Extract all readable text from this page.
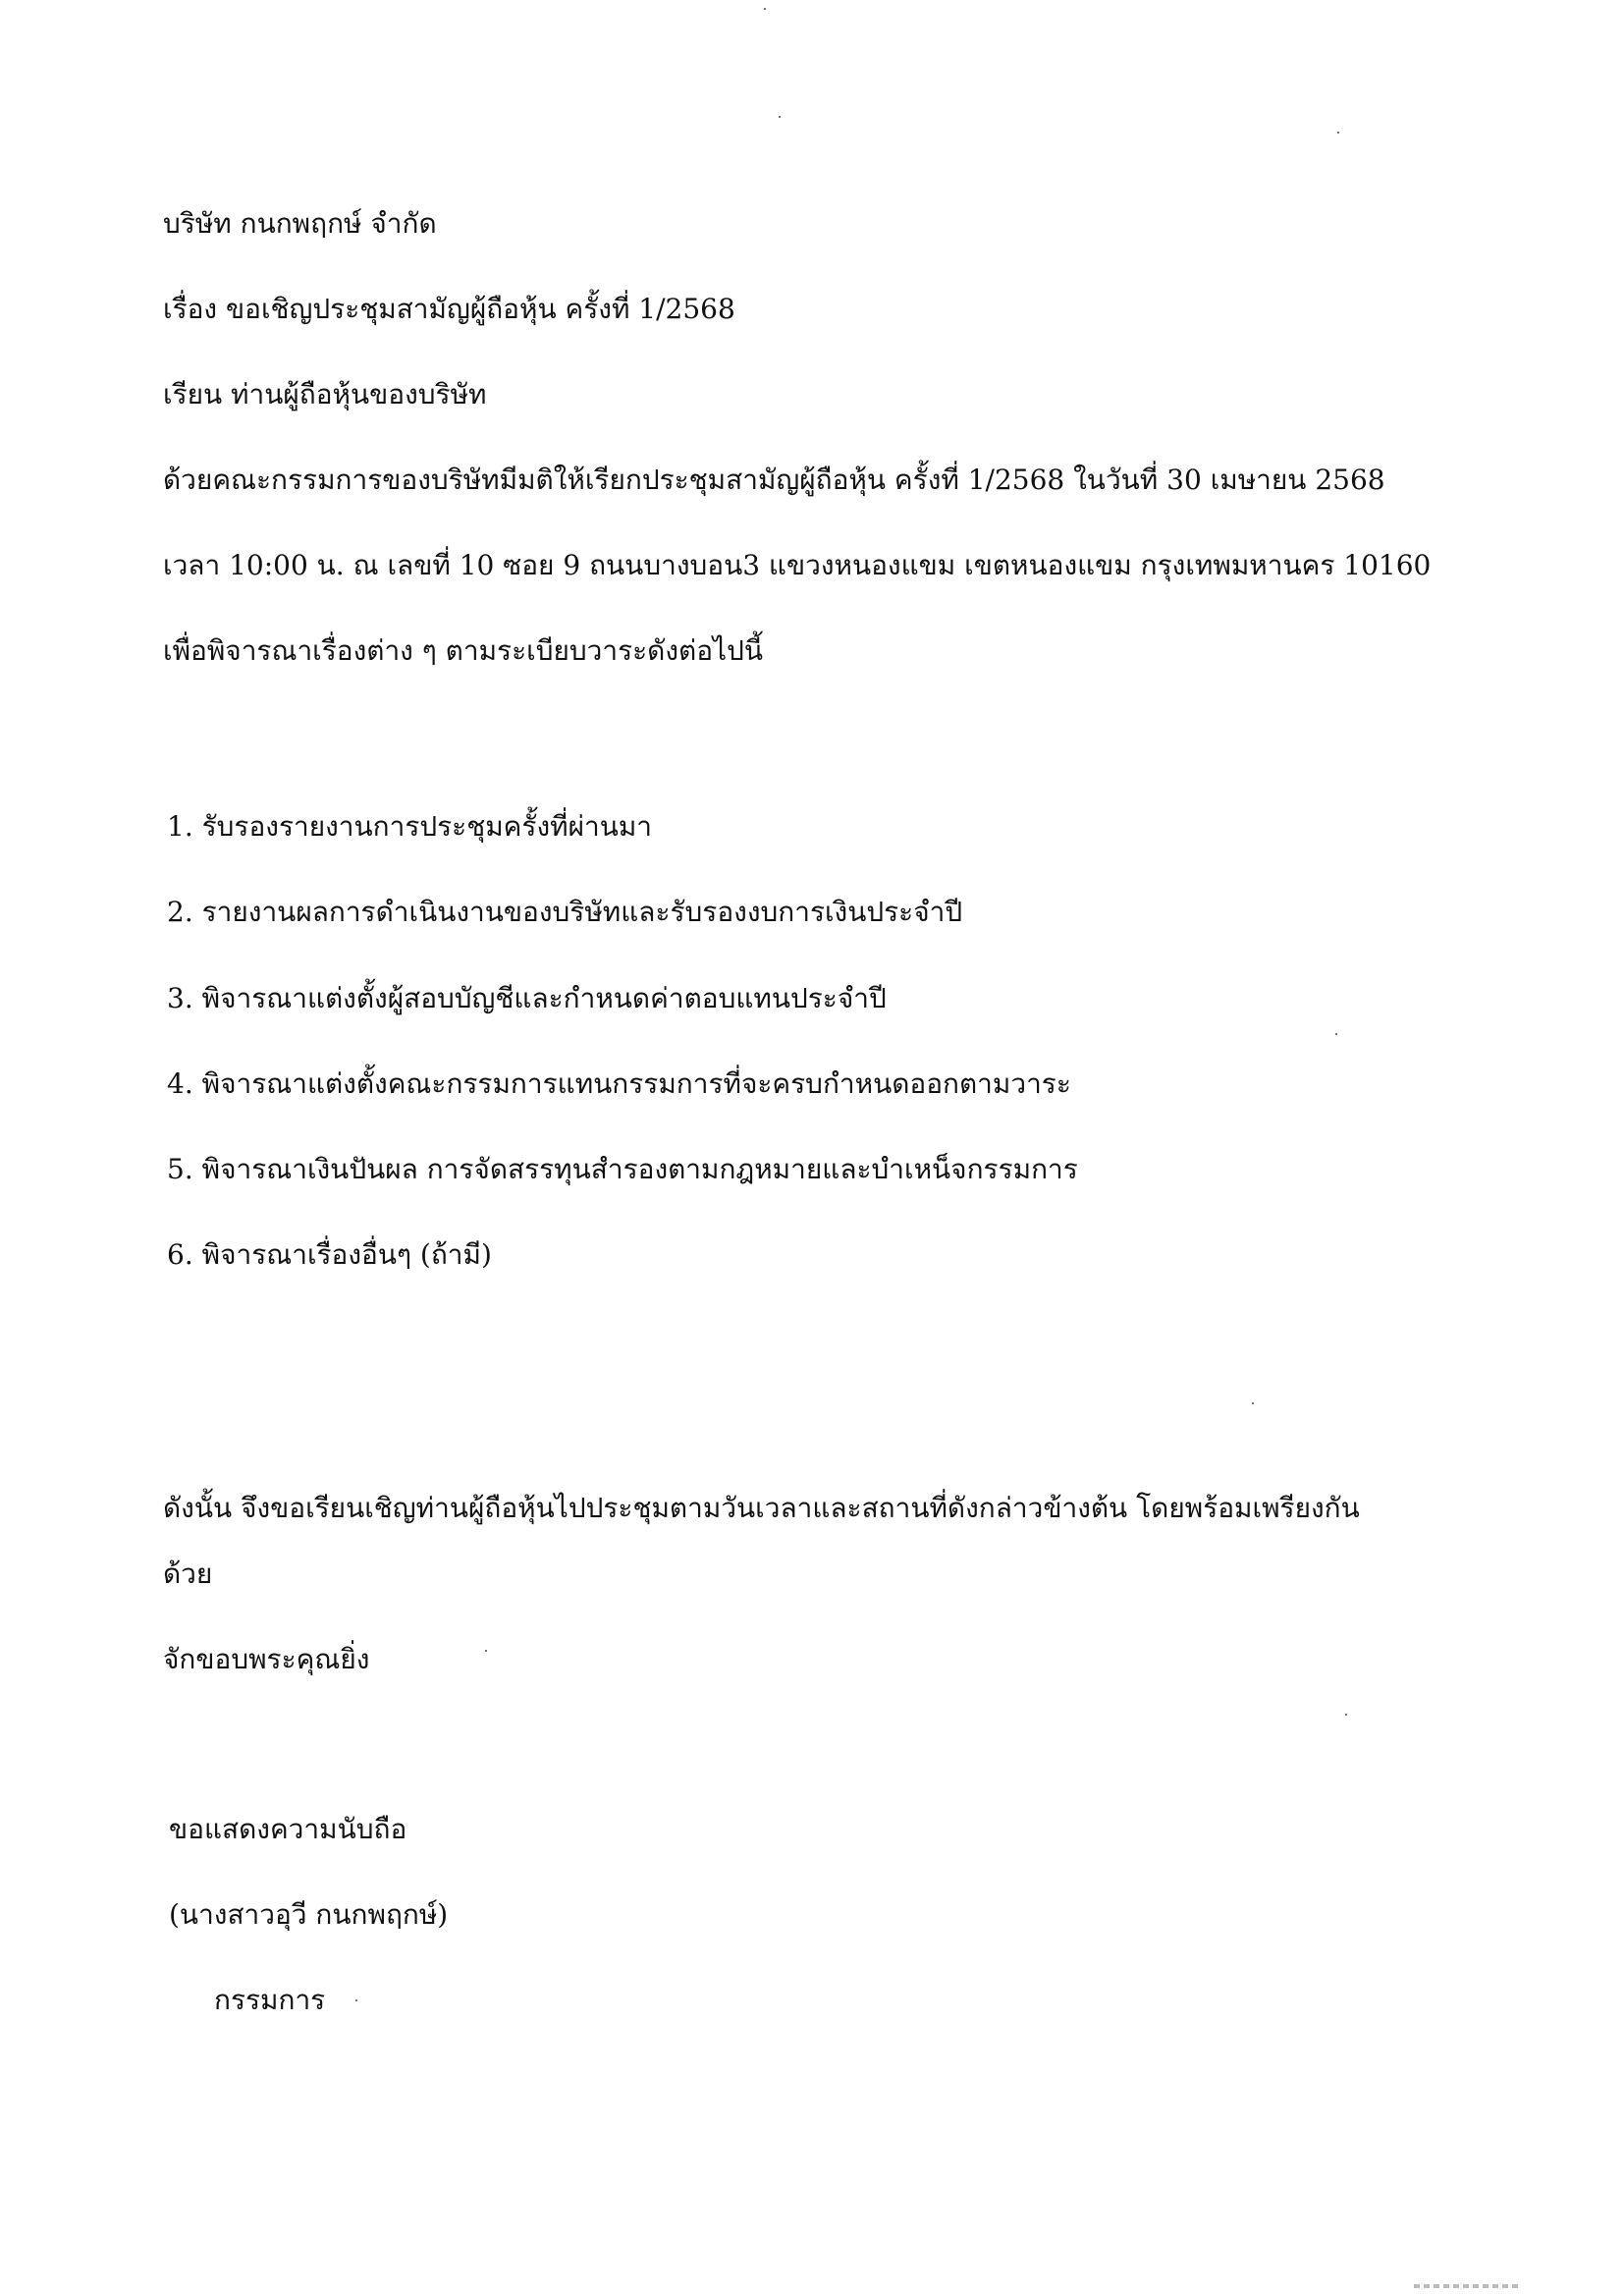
บริษัท กนกพฤกษ์ จำกัด
เรื่อง ขอเชิญประชุมสามัญผู้ถือหุ้น ครั้งที่ 1/2568
เรียน ท่านผู้ถือหุ้นของบริษัท
ด้วยคณะกรรมการของบริษัทมีมติให้เรียกประชุมสามัญผู้ถือหุ้น ครั้งที่ 1/2568 ในวันที่ 30 เมษายน 2568
เวลา 10:00 น. ณ เลขที่ 10 ซอย 9 ถนนบางบอน3 แขวงหนองแขม เขตหนองแขม กรุงเทพมหานคร 10160
เพื่อพิจารณาเรื่องต่าง ๆ ตามระเบียบวาระดังต่อไปนี้
1. รับรองรายงานการประชุมครั้งที่ผ่านมา
2. รายงานผลการดำเนินงานของบริษัทและรับรองงบการเงินประจำปี
3. พิจารณาแต่งตั้งผู้สอบบัญชีและกำหนดค่าตอบแทนประจำปี
4. พิจารณาแต่งตั้งคณะกรรมการแทนกรรมการที่จะครบกำหนดออกตามวาระ
5. พิจารณาเงินปันผล การจัดสรรทุนสำรองตามกฎหมายและบำเหน็จกรรมการ
6. พิจารณาเรื่องอื่นๆ (ถ้ามี)
ดังนั้น จึงขอเรียนเชิญท่านผู้ถือหุ้นไปประชุมตามวันเวลาและสถานที่ดังกล่าวข้างต้น โดยพร้อมเพรียงกัน
ด้วย
จักขอบพระคุณยิ่ง
ขอแสดงความนับถือ
(นางสาวอุวี กนกพฤกษ์)
กรรมการ
